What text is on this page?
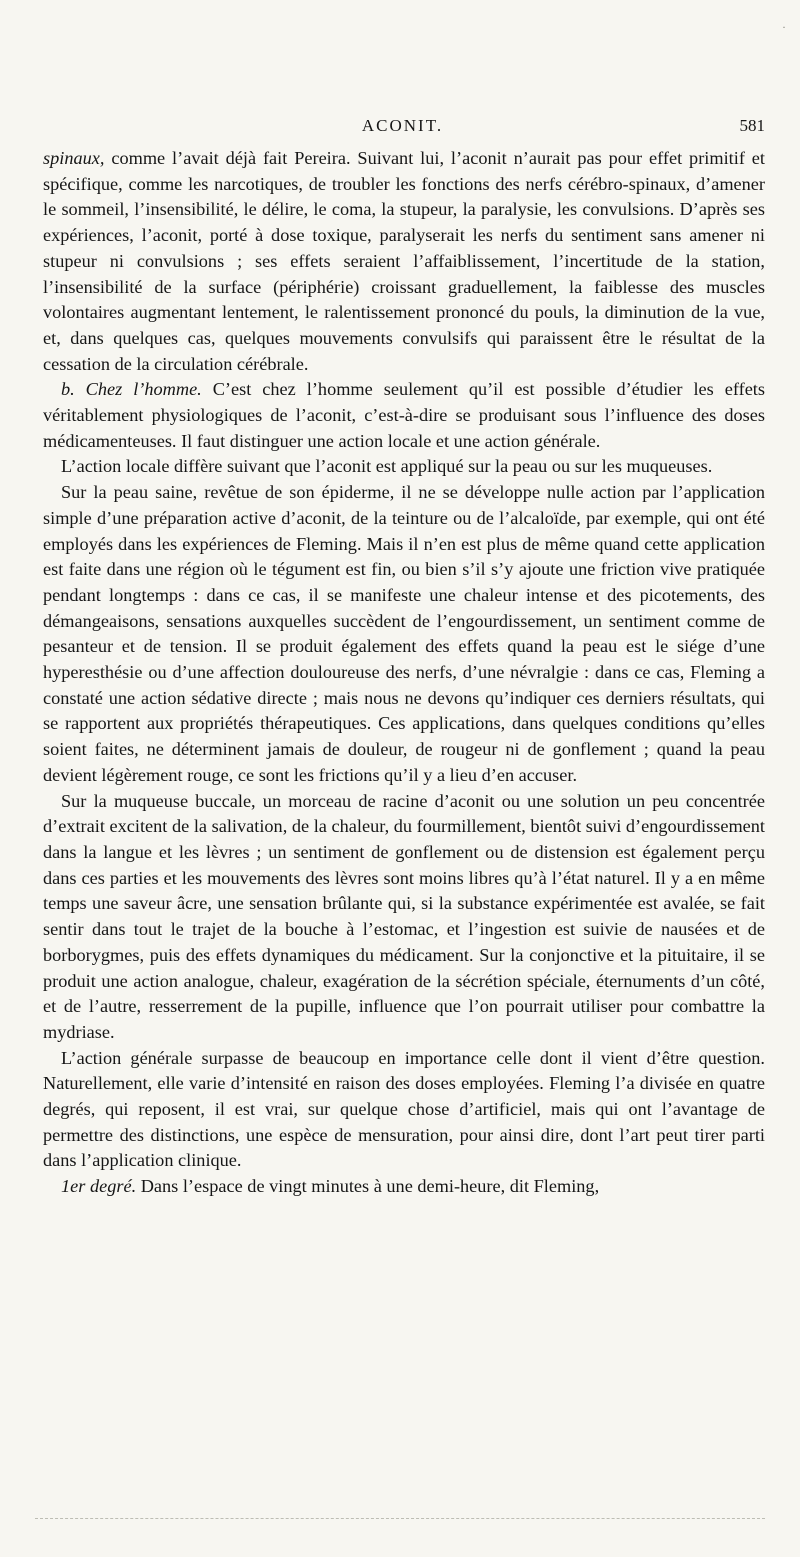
·
ACONIT.	581

spinaux, comme l’avait déjà fait Pereira. Suivant lui, l’aconit n’aurait pas pour effet primitif et spécifique, comme les narcotiques, de troubler les fonctions des nerfs cérébro-spinaux, d’amener le sommeil, l’insensibilité, le délire, le coma, la stupeur, la paralysie, les convulsions. D’après ses expériences, l’aconit, porté à dose toxique, paralyserait les nerfs du sentiment sans amener ni stupeur ni convulsions ; ses effets seraient l’affaiblissement, l’incertitude de la station, l’insensibilité de la surface (périphérie) croissant graduellement, la faiblesse des muscles volontaires augmentant lentement, le ralentissement prononcé du pouls, la diminution de la vue, et, dans quelques cas, quelques mouvements convulsifs qui paraissent être le résultat de la cessation de la circulation cérébrale.

b. Chez l’homme. C’est chez l’homme seulement qu’il est possible d’étudier les effets véritablement physiologiques de l’aconit, c’est-à-dire se produisant sous l’influence des doses médicamenteuses. Il faut distinguer une action locale et une action générale.

L’action locale diffère suivant que l’aconit est appliqué sur la peau ou sur les muqueuses.

Sur la peau saine, revêtue de son épiderme, il ne se développe nulle action par l’application simple d’une préparation active d’aconit, de la teinture ou de l’alcaloïde, par exemple, qui ont été employés dans les expériences de Fleming. Mais il n’en est plus de même quand cette application est faite dans une région où le tégument est fin, ou bien s’il s’y ajoute une friction vive pratiquée pendant longtemps : dans ce cas, il se manifeste une chaleur intense et des picotements, des démangeaisons, sensations auxquelles succèdent de l’engourdissement, un sentiment comme de pesanteur et de tension. Il se produit également des effets quand la peau est le siége d’une hyperesthésie ou d’une affection douloureuse des nerfs, d’une névralgie : dans ce cas, Fleming a constaté une action sédative directe ; mais nous ne devons qu’indiquer ces derniers résultats, qui se rapportent aux propriétés thérapeutiques. Ces applications, dans quelques conditions qu’elles soient faites, ne déterminent jamais de douleur, de rougeur ni de gonflement ; quand la peau devient légèrement rouge, ce sont les frictions qu’il y a lieu d’en accuser.

Sur la muqueuse buccale, un morceau de racine d’aconit ou une solution un peu concentrée d’extrait excitent de la salivation, de la chaleur, du fourmillement, bientôt suivi d’engourdissement dans la langue et les lèvres ; un sentiment de gonflement ou de distension est également perçu dans ces parties et les mouvements des lèvres sont moins libres qu’à l’état naturel. Il y a en même temps une saveur âcre, une sensation brûlante qui, si la substance expérimentée est avalée, se fait sentir dans tout le trajet de la bouche à l’estomac, et l’ingestion est suivie de nausées et de borborygmes, puis des effets dynamiques du médicament. Sur la conjonctive et la pituitaire, il se produit une action analogue, chaleur, exagération de la sécrétion spéciale, éternuments d’un côté, et de l’autre, resserrement de la pupille, influence que l’on pourrait utiliser pour combattre la mydriase.

L’action générale surpasse de beaucoup en importance celle dont il vient d’être question. Naturellement, elle varie d’intensité en raison des doses employées. Fleming l’a divisée en quatre degrés, qui reposent, il est vrai, sur quelque chose d’artificiel, mais qui ont l’avantage de permettre des distinctions, une espèce de mensuration, pour ainsi dire, dont l’art peut tirer parti dans l’application clinique.

1er degré. Dans l’espace de vingt minutes à une demi-heure, dit Fleming,
